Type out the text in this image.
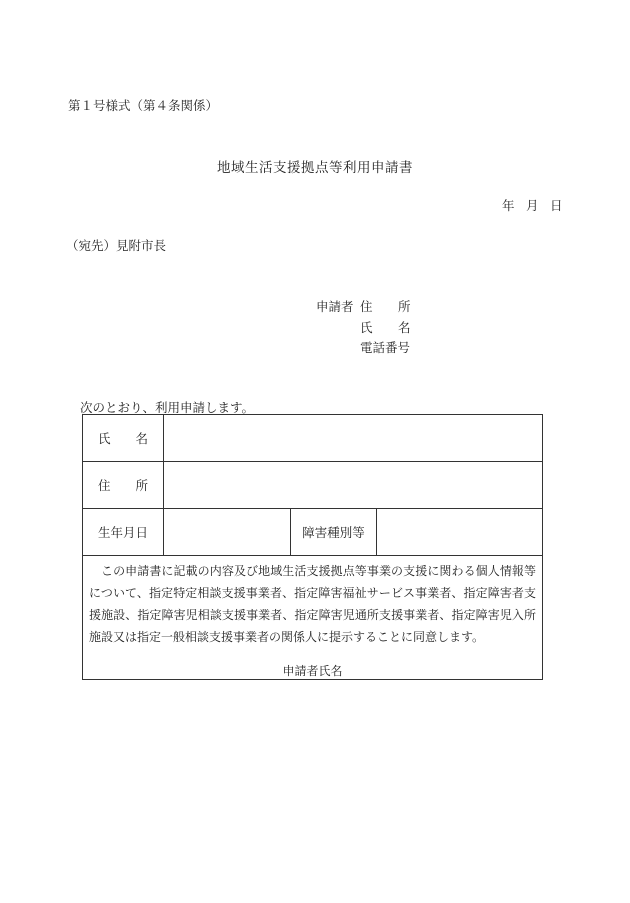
第１号様式（第４条関係）
地域生活支援拠点等利用申請書
年 月 日
（宛先）見附市長
申請者 住 所
氏 名
電話番号
次のとおり、利用申請します。
氏　　名			
住　　所			
生年月日		障害種別等	

この申請書に記載の内容及び地域生活支援拠点等事業の支援に関わる個人情報等について、指定特定相談支援事業者、指定障害福祉サービス事業者、指定障害者支援施設、指定障害児相談支援事業者、指定障害児通所支援事業者、指定障害児入所施設又は指定一般相談支援事業者の関係人に提示することに同意します。
申請者氏名			
